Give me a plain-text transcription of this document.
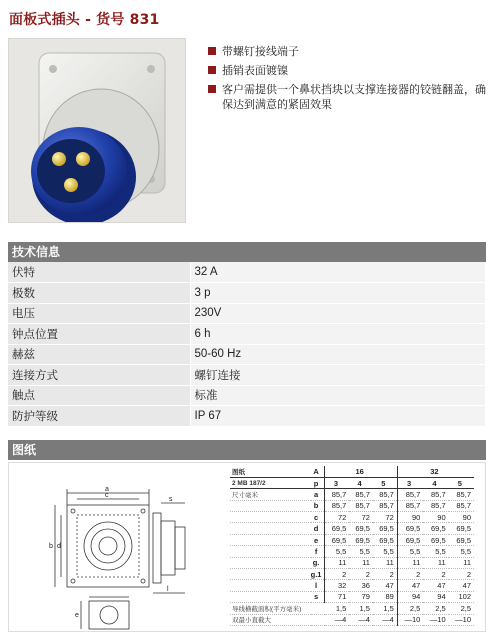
面板式插头 - 货号 831
带螺钉接线端子
插销表面镀镍
客户需提供一个鼻状挡块以支撑连接器的铰链翻盖，确保达到满意的紧固效果
技术信息
伏特	32 A
极数	3 p
电压	230V
钟点位置	6 h
赫兹	50-60 Hz
连接方式	螺钉连接
触点	标准
防护等级	IP 67
图纸
a
c
b d
s
l
e
图纸	A	16			32		
2 MB 187/2	p	3	4	5	3	4	5
尺寸毫米	a	85,7	85,7	85,7	85,7	85,7	85,7
	b	85,7	85,7	85,7	85,7	85,7	85,7
	c	72	72	72	90	90	90
	d	69,5	69,5	69,5	69,5	69,5	69,5
	e	69,5	69,5	69,5	69,5	69,5	69,5
	f	5,5	5,5	5,5	5,5	5,5	5,5
	g.	11	11	11	11	11	11
	g.1	2	2	2	2	2	2
	l	32	36	47	47	47	47
	s	71	79	89	94	94	102
导线横截面积(平方毫米)		1,5	1,5	1,5	2,5	2,5	2,5
双最小直截大		—4	—4	—4	—10	—10	—10
